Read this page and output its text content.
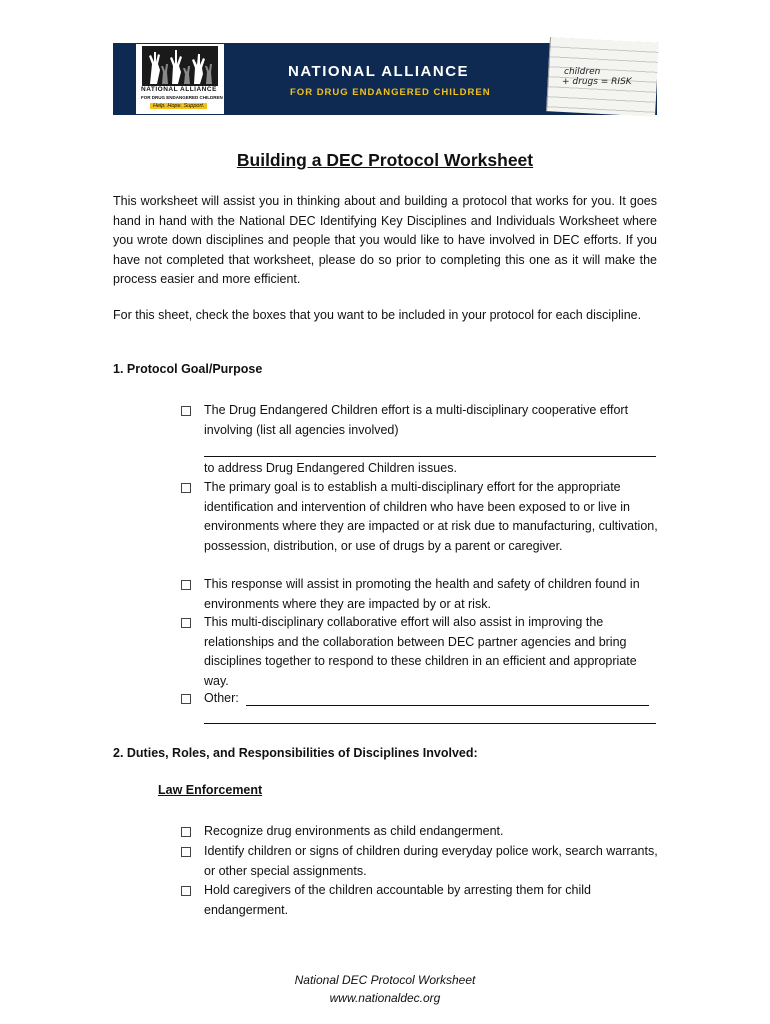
NATIONAL ALLIANCE
FOR DRUG ENDANGERED CHILDREN
Help. Hope. Support.
NATIONAL ALLIANCE
FOR DRUG ENDANGERED CHILDREN
children
+ drugs = RISK
Building a DEC Protocol Worksheet
This worksheet will assist you in thinking about and building a protocol that works for you. It goes hand in hand with the National DEC Identifying Key Disciplines and Individuals Worksheet where you wrote down disciplines and people that you would like to have involved in DEC efforts. If you have not completed that worksheet, please do so prior to completing this one as it will make the process easier and more efficient.
For this sheet, check the boxes that you want to be included in your protocol for each discipline.
1. Protocol Goal/Purpose
The Drug Endangered Children effort is a multi-disciplinary cooperative effort involving (list all agencies involved)
to address Drug Endangered Children issues.
The primary goal is to establish a multi-disciplinary effort for the appropriate identification and intervention of children who have been exposed to or live in environments where they are impacted or at risk due to manufacturing, cultivation, possession, distribution, or use of drugs by a parent or caregiver.
This response will assist in promoting the health and safety of children found in environments where they are impacted by or at risk.
This multi-disciplinary collaborative effort will also assist in improving the relationships and the collaboration between DEC partner agencies and bring disciplines together to respond to these children in an efficient and appropriate way.
Other:
2. Duties, Roles, and Responsibilities of Disciplines Involved:
Law Enforcement
Recognize drug environments as child endangerment.
Identify children or signs of children during everyday police work, search warrants, or other special assignments.
Hold caregivers of the children accountable by arresting them for child endangerment.
National DEC Protocol Worksheet
www.nationaldec.org
